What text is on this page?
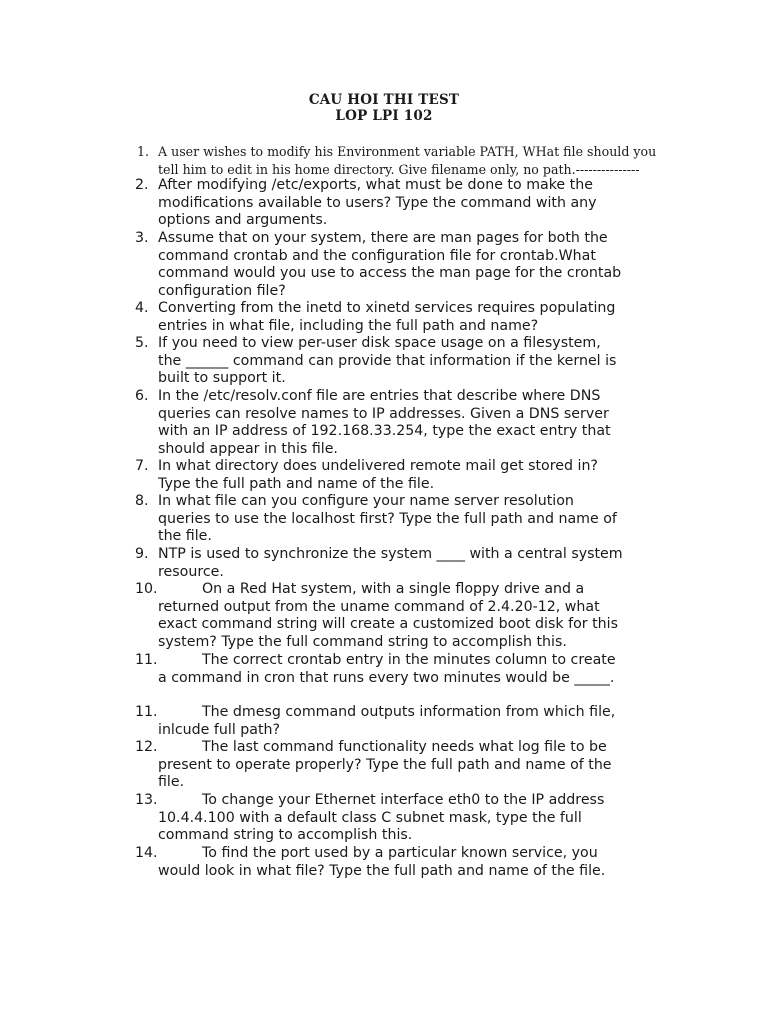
CAU HOI THI TEST
LOP LPI 102
1. A user wishes to modify his Environment variable PATH, WHat file should you
tell him to edit in his home directory. Give filename only, no path.---------------
2. After modifying /etc/exports, what must be done to make the
modifications available to users? Type the command with any
options and arguments.
3. Assume that on your system, there are man pages for both the
command crontab and the configuration file for crontab.What
command would you use to access the man page for the crontab
configuration file?
4. Converting from the inetd to xinetd services requires populating
entries in what file, including the full path and name?
5. If you need to view per-user disk space usage on a filesystem,
the ______ command can provide that information if the kernel is
built to support it.
6. In the /etc/resolv.conf file are entries that describe where DNS
queries can resolve names to IP addresses. Given a DNS server
with an IP address of 192.168.33.254, type the exact entry that
should appear in this file.
7. In what directory does undelivered remote mail get stored in?
Type the full path and name of the file.
8. In what file can you configure your name server resolution
queries to use the localhost first? Type the full path and name of
the file.
9. NTP is used to synchronize the system ____ with a central system
resource.
10.	On a Red Hat system, with a single floppy drive and a
returned output from the uname command of 2.4.20-12, what
exact command string will create a customized boot disk for this
system? Type the full command string to accomplish this.
11.	The correct crontab entry in the minutes column to create
a command in cron that runs every two minutes would be _____.
11.	The dmesg command outputs information from which file,
inlcude full path?
12.	The last command functionality needs what log file to be
present to operate properly? Type the full path and name of the
file.
13.	To change your Ethernet interface eth0 to the IP address
10.4.4.100 with a default class C subnet mask, type the full
command string to accomplish this.
14.	To find the port used by a particular known service, you
would look in what file? Type the full path and name of the file.
